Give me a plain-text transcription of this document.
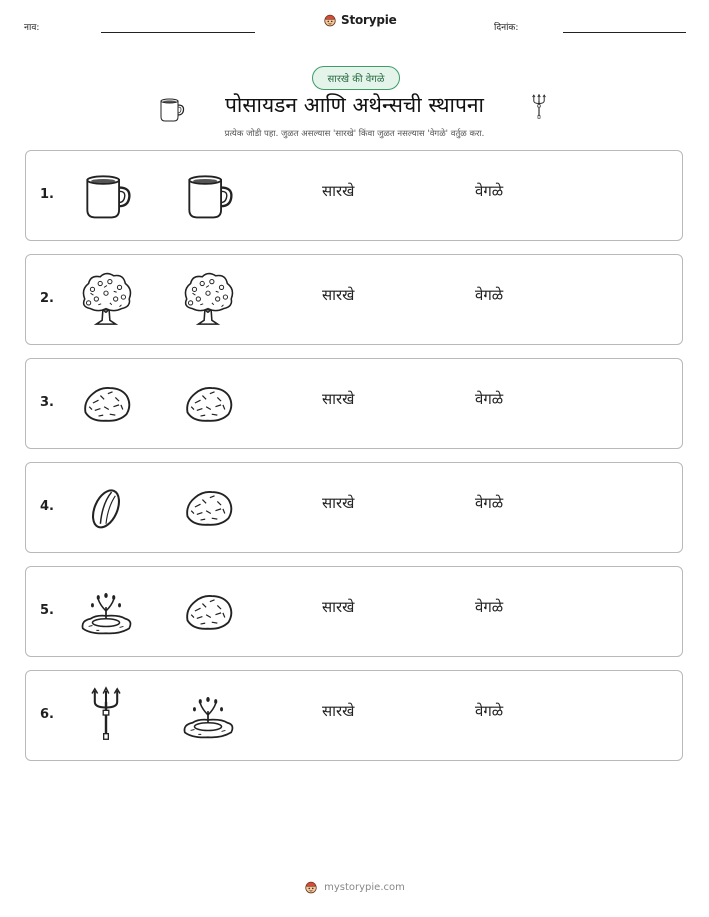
नाव:
Storypie
दिनांक:
सारखे की वेगळे
पोसायडन आणि अथेन्सची स्थापना
प्रत्येक जोडी पहा. जुळत असल्यास 'सारखे' किंवा जुळत नसल्यास 'वेगळे' वर्तुळ करा.
1.	सारखे	वेगळे
2.	सारखे	वेगळे
3.	सारखे	वेगळे
4.	सारखे	वेगळे
5.	सारखे	वेगळे
6.	सारखे	वेगळे
mystorypie.com
